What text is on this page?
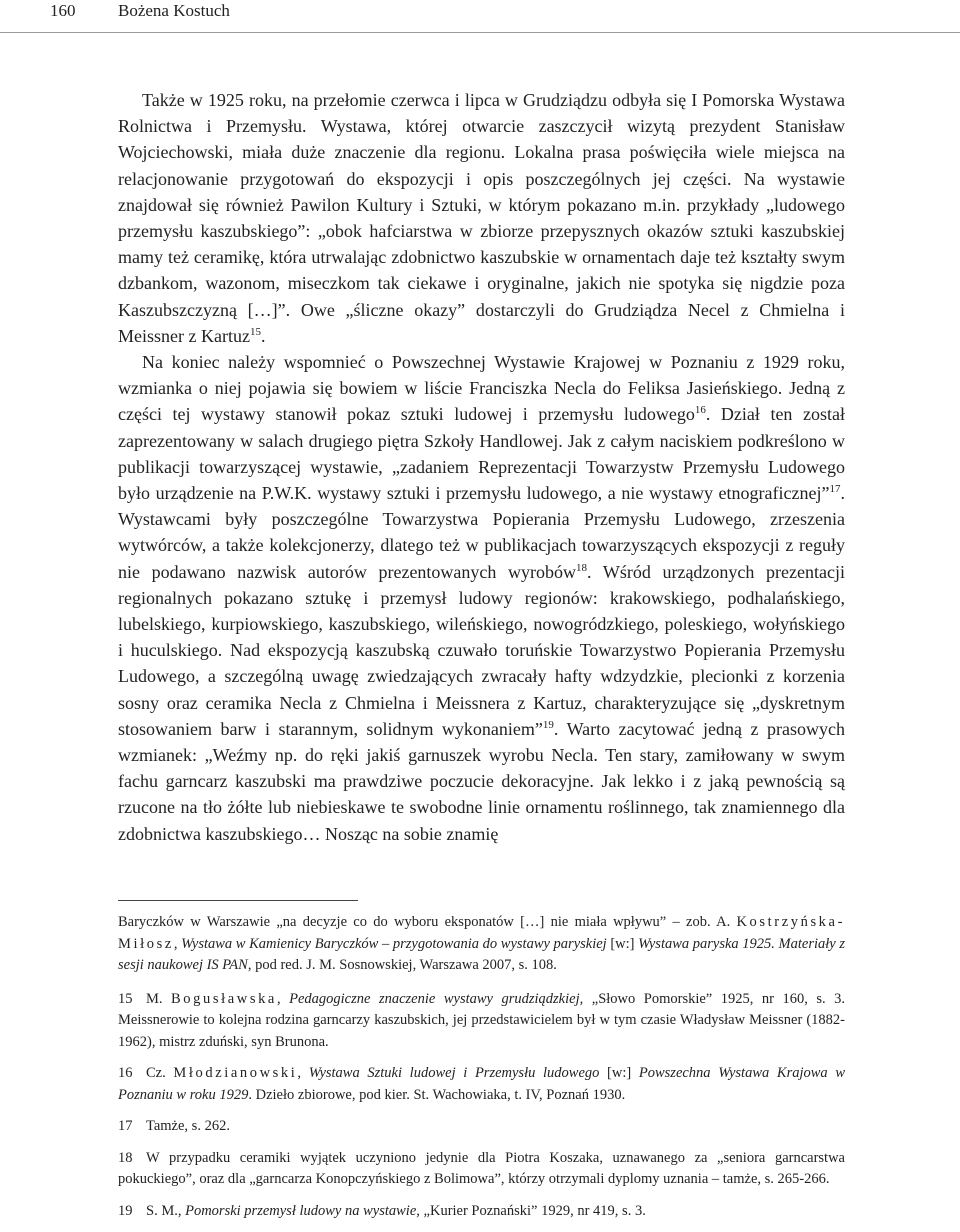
160	Bożena Kostuch

Także w 1925 roku, na przełomie czerwca i lipca w Grudziądzu odbyła się I Pomorska Wystawa Rolnictwa i Przemysłu. Wystawa, której otwarcie zaszczycił wizytą prezydent Stanisław Wojciechowski, miała duże znaczenie dla regionu. Lokalna prasa poświęciła wiele miejsca na relacjonowanie przygotowań do ekspozycji i opis poszczególnych jej części. Na wystawie znajdował się również Pawilon Kultury i Sztuki, w którym pokazano m.in. przykłady „ludowego przemysłu kaszubskiego”: „obok hafciarstwa w zbiorze przepysznych okazów sztuki kaszubskiej mamy też ceramikę, która utrwalając zdobnictwo kaszubskie w ornamentach daje też kształty swym dzbankom, wazonom, miseczkom tak ciekawe i oryginalne, jakich nie spotyka się nigdzie poza Kaszubszczyzną […]”. Owe „śliczne okazy” dostarczyli do Grudziądza Necel z Chmielna i Meissner z Kartuz$^{15}$.

Na koniec należy wspomnieć o Powszechnej Wystawie Krajowej w Poznaniu z 1929 roku, wzmianka o niej pojawia się bowiem w liście Franciszka Necla do Feliksa Jasieńskiego. Jedną z części tej wystawy stanowił pokaz sztuki ludowej i przemysłu ludowego$^{16}$. Dział ten został zaprezentowany w salach drugiego piętra Szkoły Handlowej. Jak z całym naciskiem podkreślono w publikacji towarzyszącej wystawie, „zadaniem Reprezentacji Towarzystw Przemysłu Ludowego było urządzenie na P.W.K. wystawy sztuki i przemysłu ludowego, a nie wystawy etnograficznej”$^{17}$. Wystawcami były poszczególne Towarzystwa Popierania Przemysłu Ludowego, zrzeszenia wytwórców, a także kolekcjonerzy, dlatego też w publikacjach towarzyszących ekspozycji z reguły nie podawano nazwisk autorów prezentowanych wyrobów$^{18}$. Wśród urządzonych prezentacji regionalnych pokazano sztukę i przemysł ludowy regionów: krakowskiego, podhalańskiego, lubelskiego, kurpiowskiego, kaszubskiego, wileńskiego, nowogródzkiego, poleskiego, wołyńskiego i huculskiego. Nad ekspozycją kaszubską czuwało toruńskie Towarzystwo Popierania Przemysłu Ludowego, a szczególną uwagę zwiedzających zwracały hafty wdzydzkie, plecionki z korzenia sosny oraz ceramika Necla z Chmielna i Meissnera z Kartuz, charakteryzujące się „dyskretnym stosowaniem barw i starannym, solidnym wykonaniem”$^{19}$. Warto zacytować jedną z prasowych wzmianek: „Weźmy np. do ręki jakiś garnuszek wyrobu Necla. Ten stary, zamiłowany w swym fachu garncarz kaszubski ma prawdziwe poczucie dekoracyjne. Jak lekko i z jaką pewnością są rzucone na tło żółte lub niebieskawe te swobodne linie ornamentu roślinnego, tak znamiennego dla zdobnictwa kaszubskiego… Nosząc na sobie znamię

Baryczków w Warszawie „na decyzje co do wyboru eksponatów […] nie miała wpływu” – zob. A. Kostrzyńska-Miłosz, Wystawa w Kamienicy Baryczków – przygotowania do wystawy paryskiej [w:] Wystawa paryska 1925. Materiały z sesji naukowej IS PAN, pod red. J. M. Sosnowskiej, Warszawa 2007, s. 108.

15 M. Bogusławska, Pedagogiczne znaczenie wystawy grudziądzkiej, „Słowo Pomorskie” 1925, nr 160, s. 3. Meissnerowie to kolejna rodzina garncarzy kaszubskich, jej przedstawicielem był w tym czasie Władysław Meissner (1882-1962), mistrz zduński, syn Brunona.

16 Cz. Młodzianowski, Wystawa Sztuki ludowej i Przemysłu ludowego [w:] Powszechna Wystawa Krajowa w Poznaniu w roku 1929. Dzieło zbiorowe, pod kier. St. Wachowiaka, t. IV, Poznań 1930.

17 Tamże, s. 262.

18 W przypadku ceramiki wyjątek uczyniono jedynie dla Piotra Koszaka, uznawanego za „seniora garncarstwa pokuckiego”, oraz dla „garncarza Konopczyńskiego z Bolimowa”, którzy otrzymali dyplomy uznania – tamże, s. 265-266.

19 S. M., Pomorski przemysł ludowy na wystawie, „Kurier Poznański” 1929, nr 419, s. 3.
